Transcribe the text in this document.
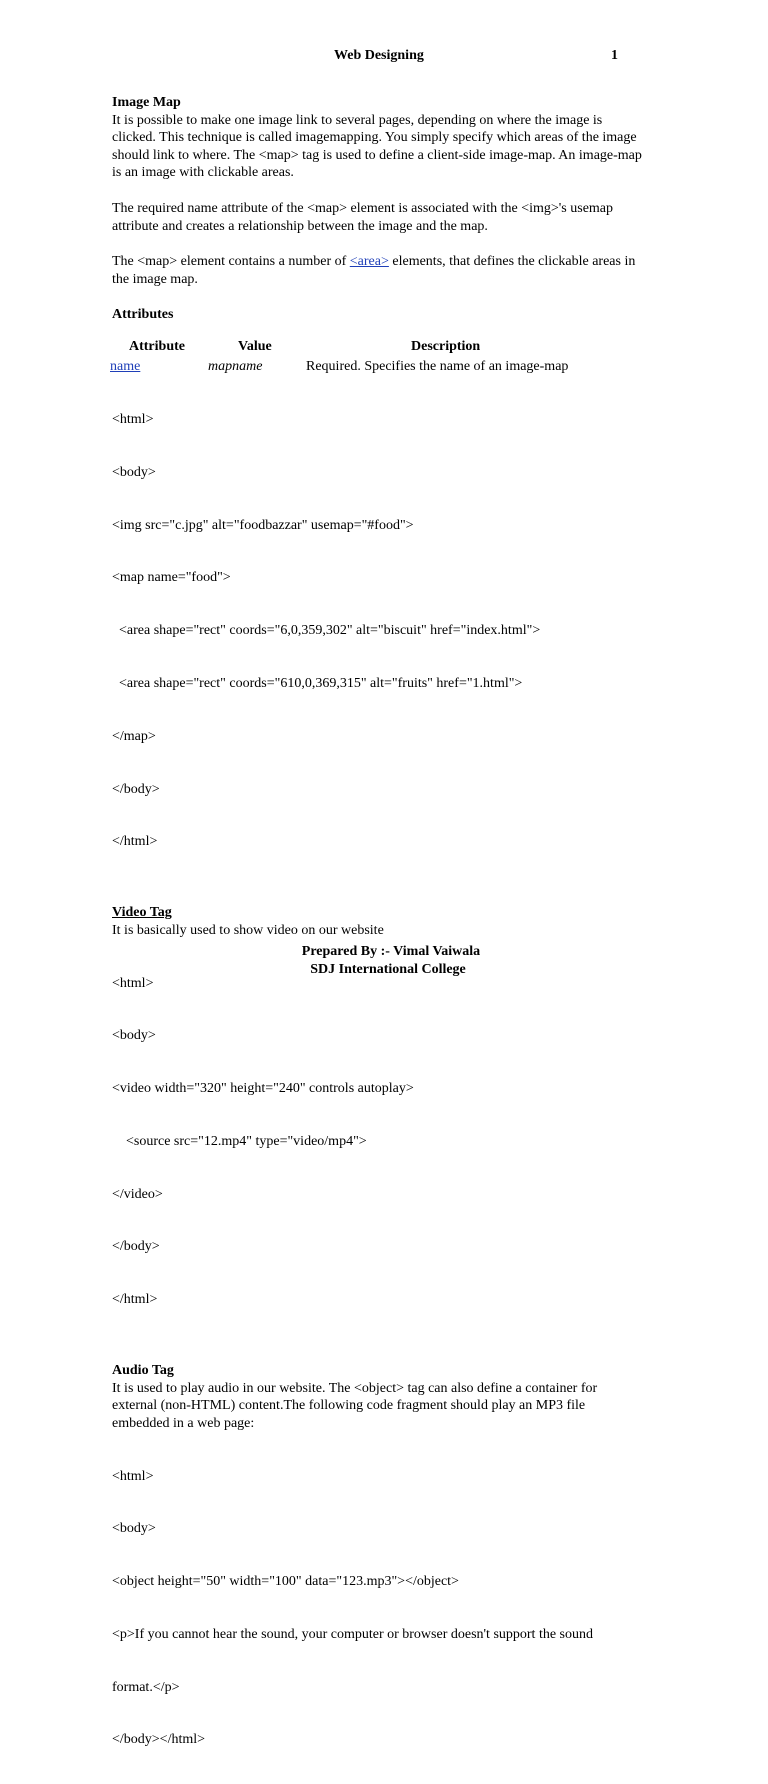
Web Designing	1

Image Map

It is possible to make one image link to several pages, depending on where the image is clicked. This technique is called imagemapping. You simply specify which areas of the image should link to where. The <map> tag is used to define a client-side image-map. An image-map is an image with clickable areas.

The required name attribute of the <map> element is associated with the <img>'s usemap attribute and creates a relationship between the image and the map.

The <map> element contains a number of <area> elements, that defines the clickable areas in the image map.

Attributes

Attribute	Value	Description
name	mapname	Required. Specifies the name of an image-map

<html>

<body>

<img src="c.jpg" alt="foodbazzar" usemap="#food">

<map name="food">

<area shape="rect" coords="6,0,359,302" alt="biscuit" href="index.html">

<area shape="rect" coords="610,0,369,315" alt="fruits" href="1.html">

</map>

</body>

</html>

Video Tag

It is basically used to show video on our website

<html>

<body>

<video width="320" height="240" controls autoplay>

<source src="12.mp4" type="video/mp4">

</video>

</body>

</html>

Audio Tag

It is used to play audio in our website. The <object> tag can also define a container for external (non-HTML) content.The following code fragment should play an MP3 file embedded in a web page:

<html>

<body>

<object height="50" width="100" data="123.mp3"></object>

<p>If you cannot hear the sound, your computer or browser doesn't support the sound

format.</p>

</body></html>

Prepared By :- Vimal Vaiwala
SDJ International College
